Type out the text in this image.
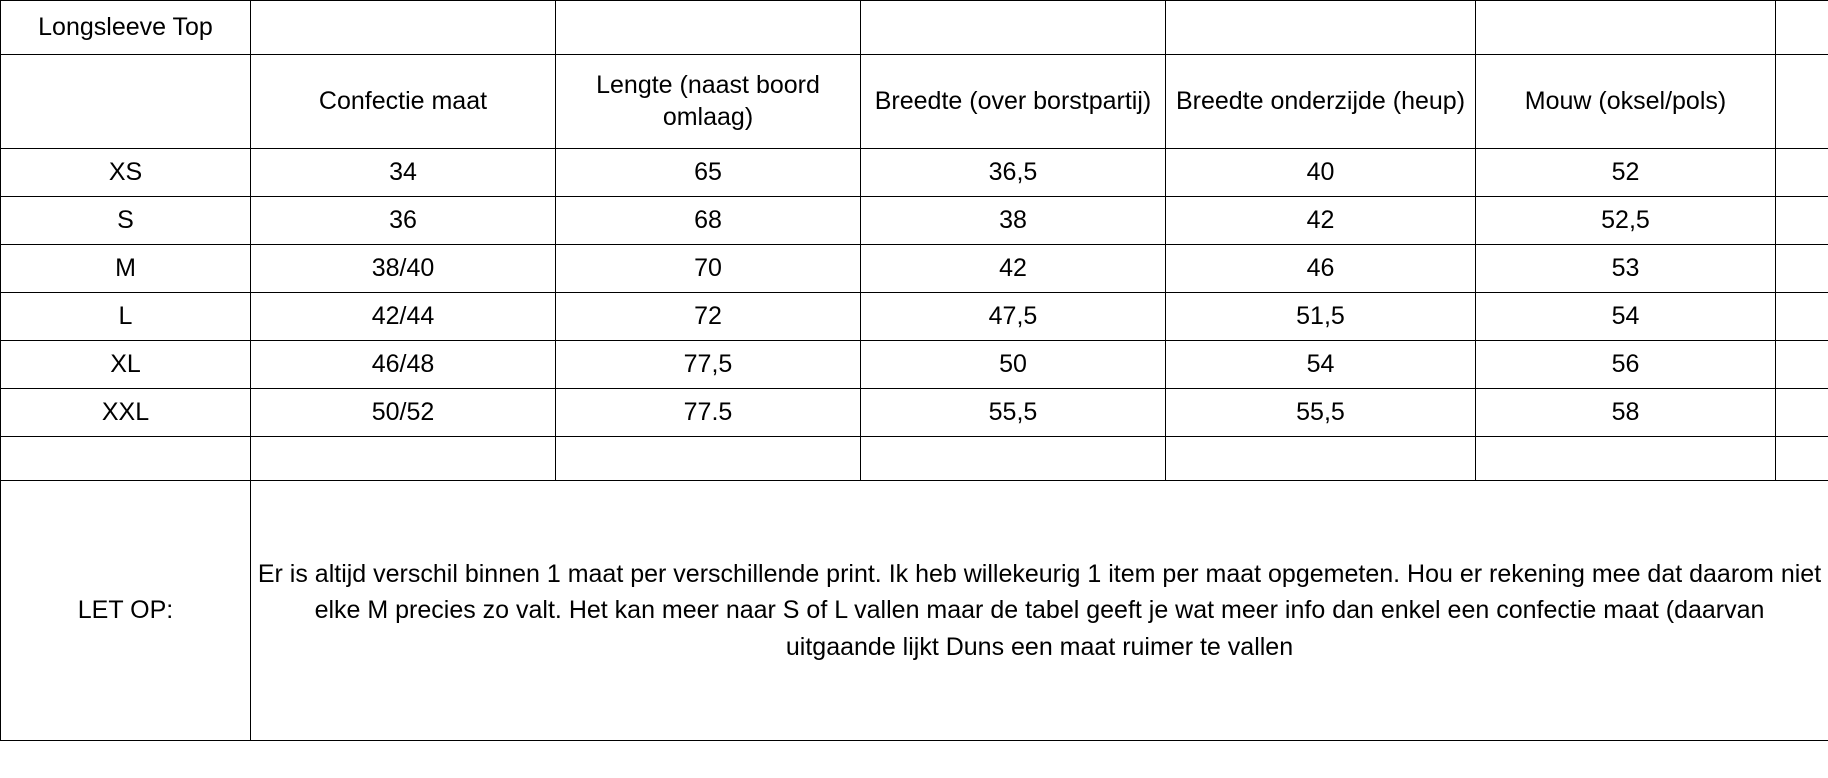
Longsleeve Top						
	Confectie maat	Lengte (naast boord omlaag)	Breedte (over borstpartij)	Breedte onderzijde (heup)	Mouw (oksel/pols)	
XS	34	65	36,5	40	52	
S	36	68	38	42	52,5	
M	38/40	70	42	46	53	
L	42/44	72	47,5	51,5	54	
XL	46/48	77,5	50	54	56	
XXL	50/52	77.5	55,5	55,5	58	

LET OP:	Er is altijd verschil binnen 1 maat per verschillende print. Ik heb willekeurig 1 item per maat opgemeten. Hou er rekening mee dat daarom niet elke M precies zo valt. Het kan meer naar S of L vallen maar de tabel geeft je wat meer info dan enkel een confectie maat (daarvan uitgaande lijkt Duns een maat ruimer te vallen					
